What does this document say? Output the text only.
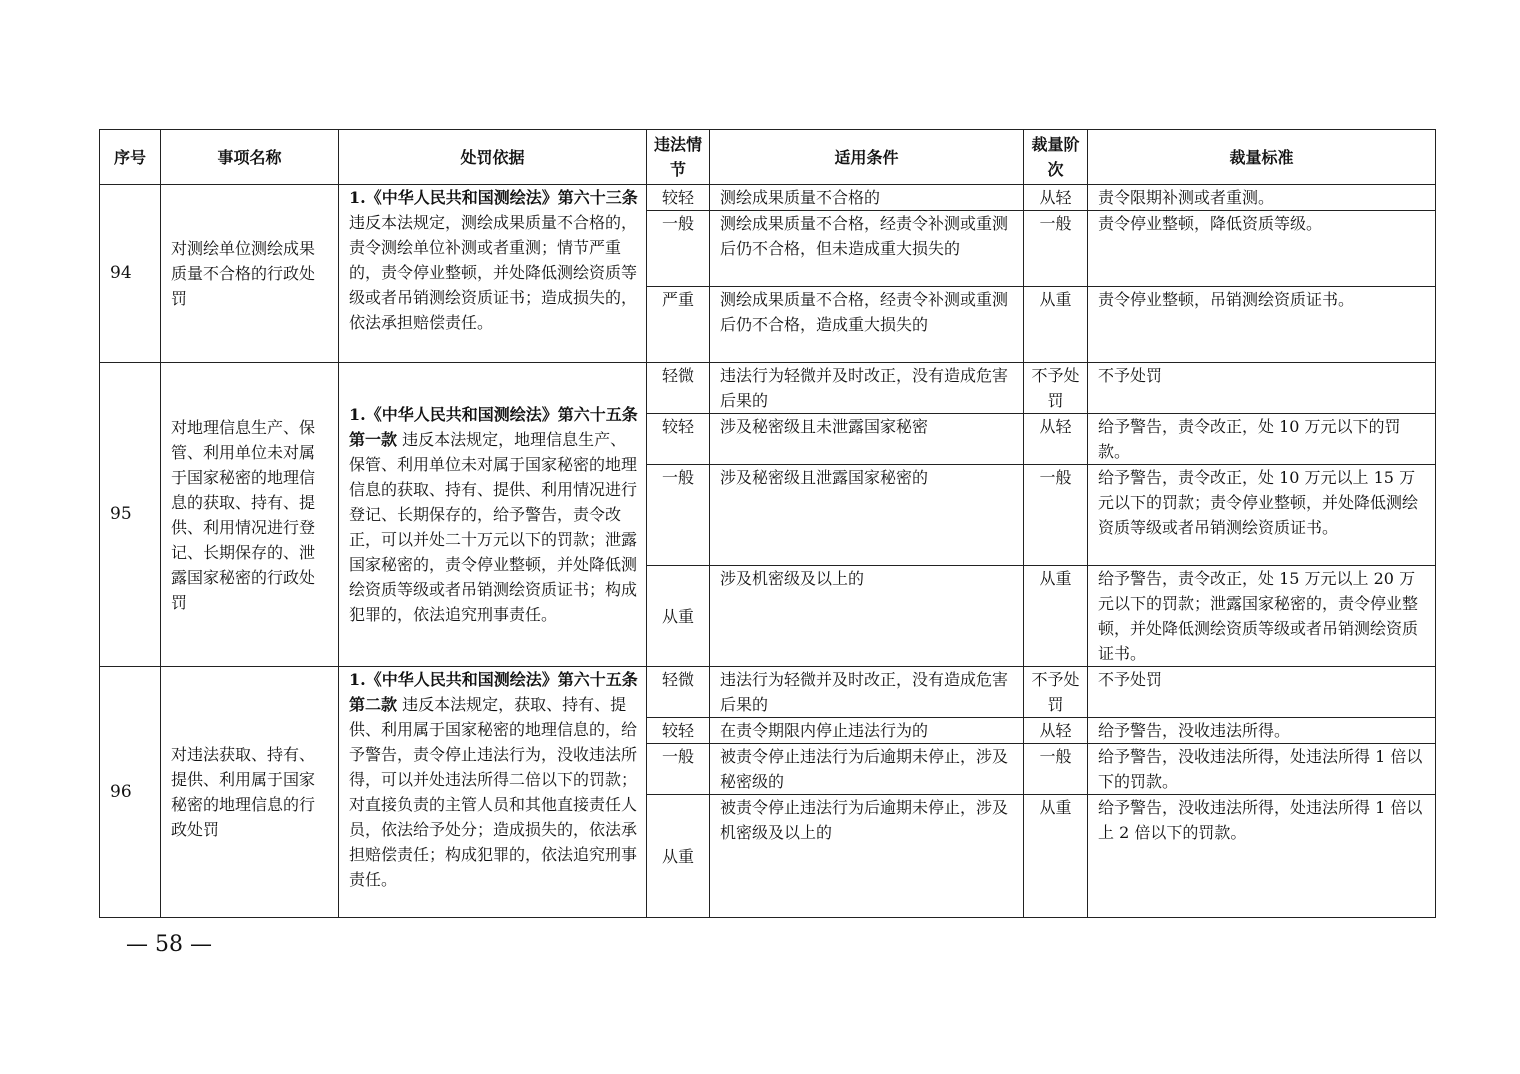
序号	事项名称	处罚依据	违法情节	适用条件	裁量阶次	裁量标准
94	对测绘单位测绘成果质量不合格的行政处罚	1.《中华人民共和国测绘法》第六十三条 违反本法规定，测绘成果质量不合格的，责令测绘单位补测或者重测；情节严重的，责令停业整顿，并处降低测绘资质等级或者吊销测绘资质证书；造成损失的，依法承担赔偿责任。	较轻	测绘成果质量不合格的	从轻	责令限期补测或者重测。
			一般	测绘成果质量不合格，经责令补测或重测后仍不合格，但未造成重大损失的	一般	责令停业整顿，降低资质等级。
			严重	测绘成果质量不合格，经责令补测或重测后仍不合格，造成重大损失的	从重	责令停业整顿，吊销测绘资质证书。
95	对地理信息生产、保管、利用单位未对属于国家秘密的地理信息的获取、持有、提供、利用情况进行登记、长期保存的、泄露国家秘密的行政处罚	1.《中华人民共和国测绘法》第六十五条第一款 违反本法规定，地理信息生产、保管、利用单位未对属于国家秘密的地理信息的获取、持有、提供、利用情况进行登记、长期保存的，给予警告，责令改正，可以并处二十万元以下的罚款；泄露国家秘密的，责令停业整顿，并处降低测绘资质等级或者吊销测绘资质证书；构成犯罪的，依法追究刑事责任。	轻微	违法行为轻微并及时改正，没有造成危害后果的	不予处罚	不予处罚
			较轻	涉及秘密级且未泄露国家秘密	从轻	给予警告，责令改正，处 10 万元以下的罚款。
			一般	涉及秘密级且泄露国家秘密的	一般	给予警告，责令改正，处 10 万元以上 15 万元以下的罚款；责令停业整顿，并处降低测绘资质等级或者吊销测绘资质证书。
			从重	涉及机密级及以上的	从重	给予警告，责令改正，处 15 万元以上 20 万元以下的罚款；泄露国家秘密的，责令停业整顿，并处降低测绘资质等级或者吊销测绘资质证书。
96	对违法获取、持有、提供、利用属于国家秘密的地理信息的行政处罚	1.《中华人民共和国测绘法》第六十五条第二款 违反本法规定，获取、持有、提供、利用属于国家秘密的地理信息的，给予警告，责令停止违法行为，没收违法所得，可以并处违法所得二倍以下的罚款；对直接负责的主管人员和其他直接责任人员，依法给予处分；造成损失的，依法承担赔偿责任；构成犯罪的，依法追究刑事责任。	轻微	违法行为轻微并及时改正，没有造成危害后果的	不予处罚	不予处罚
			较轻	在责令期限内停止违法行为的	从轻	给予警告，没收违法所得。
			一般	被责令停止违法行为后逾期未停止，涉及秘密级的	一般	给予警告，没收违法所得，处违法所得 1 倍以下的罚款。
			从重	被责令停止违法行为后逾期未停止，涉及机密级及以上的	从重	给予警告，没收违法所得，处违法所得 1 倍以上 2 倍以下的罚款。
— 58 —
